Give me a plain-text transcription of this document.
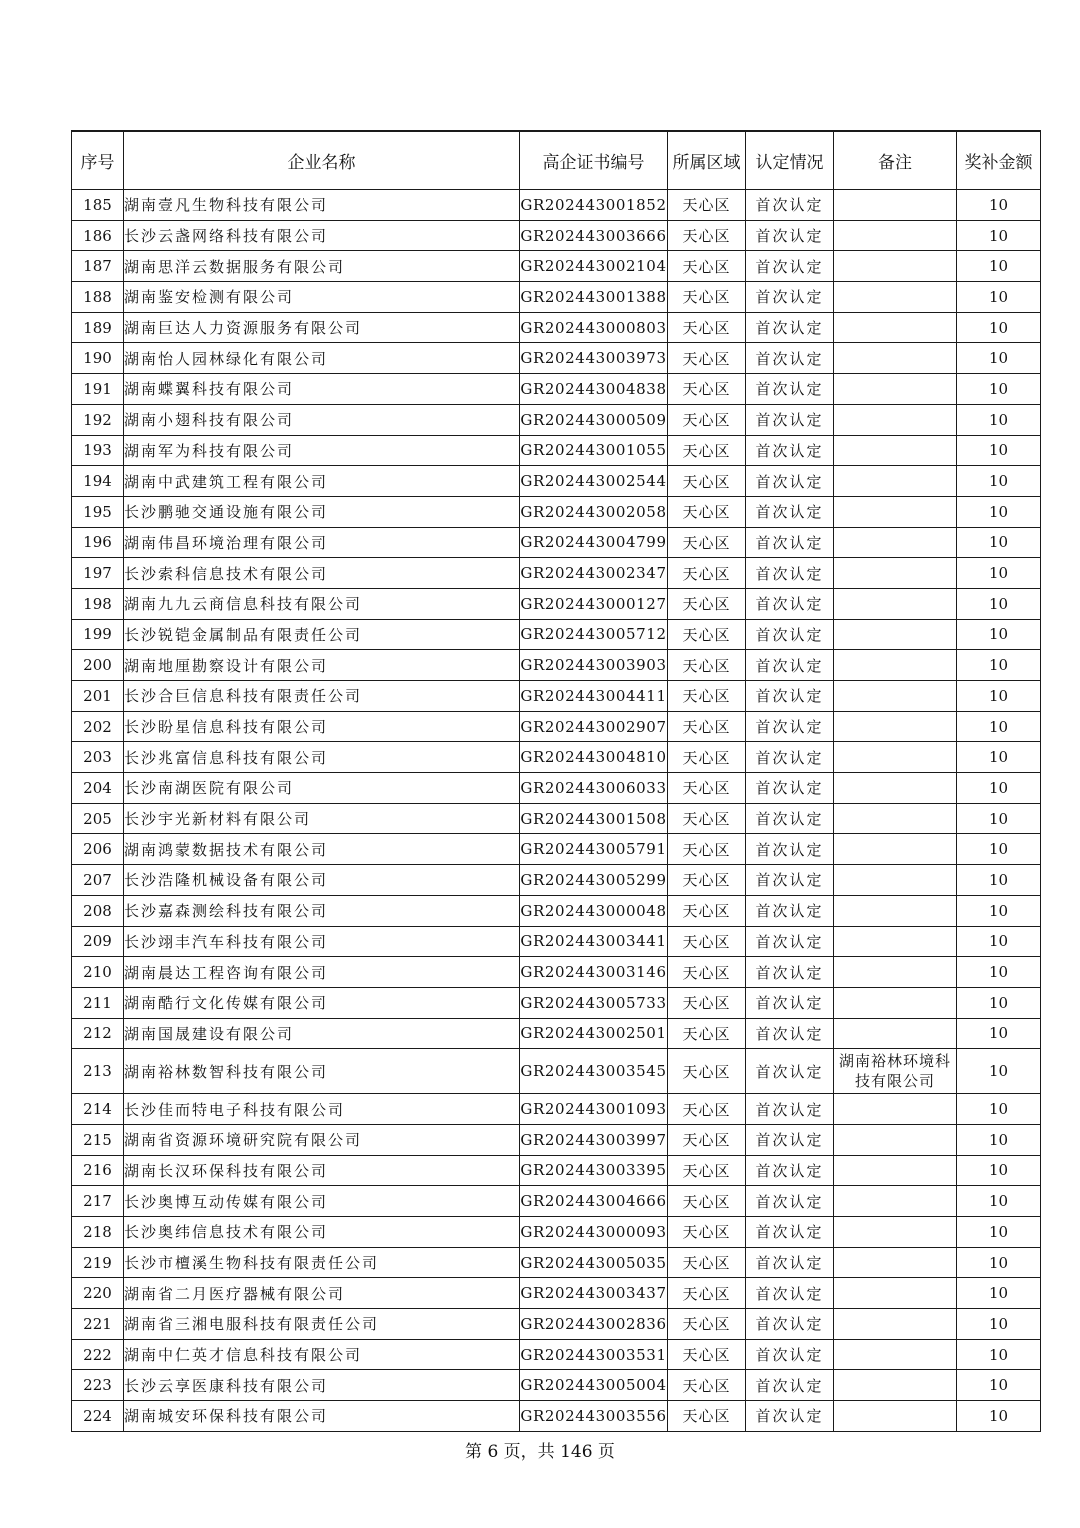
序号	企业名称	高企证书编号	所属区域	认定情况	备注	奖补金额
185	湖南壹凡生物科技有限公司	GR202443001852	天心区	首次认定		10
186	长沙云盏网络科技有限公司	GR202443003666	天心区	首次认定		10
187	湖南思洋云数据服务有限公司	GR202443002104	天心区	首次认定		10
188	湖南鉴安检测有限公司	GR202443001388	天心区	首次认定		10
189	湖南巨达人力资源服务有限公司	GR202443000803	天心区	首次认定		10
190	湖南怡人园林绿化有限公司	GR202443003973	天心区	首次认定		10
191	湖南蝶翼科技有限公司	GR202443004838	天心区	首次认定		10
192	湖南小翅科技有限公司	GR202443000509	天心区	首次认定		10
193	湖南军为科技有限公司	GR202443001055	天心区	首次认定		10
194	湖南中武建筑工程有限公司	GR202443002544	天心区	首次认定		10
195	长沙鹏驰交通设施有限公司	GR202443002058	天心区	首次认定		10
196	湖南伟昌环境治理有限公司	GR202443004799	天心区	首次认定		10
197	长沙索科信息技术有限公司	GR202443002347	天心区	首次认定		10
198	湖南九九云商信息科技有限公司	GR202443000127	天心区	首次认定		10
199	长沙锐铠金属制品有限责任公司	GR202443005712	天心区	首次认定		10
200	湖南地厘勘察设计有限公司	GR202443003903	天心区	首次认定		10
201	长沙合巨信息科技有限责任公司	GR202443004411	天心区	首次认定		10
202	长沙盼星信息科技有限公司	GR202443002907	天心区	首次认定		10
203	长沙兆富信息科技有限公司	GR202443004810	天心区	首次认定		10
204	长沙南湖医院有限公司	GR202443006033	天心区	首次认定		10
205	长沙宇光新材料有限公司	GR202443001508	天心区	首次认定		10
206	湖南鸿蒙数据技术有限公司	GR202443005791	天心区	首次认定		10
207	长沙浩隆机械设备有限公司	GR202443005299	天心区	首次认定		10
208	长沙嘉森测绘科技有限公司	GR202443000048	天心区	首次认定		10
209	长沙翊丰汽车科技有限公司	GR202443003441	天心区	首次认定		10
210	湖南晨达工程咨询有限公司	GR202443003146	天心区	首次认定		10
211	湖南酷行文化传媒有限公司	GR202443005733	天心区	首次认定		10
212	湖南国晟建设有限公司	GR202443002501	天心区	首次认定		10
213	湖南裕林数智科技有限公司	GR202443003545	天心区	首次认定	湖南裕林环境科技有限公司	10
214	长沙佳而特电子科技有限公司	GR202443001093	天心区	首次认定		10
215	湖南省资源环境研究院有限公司	GR202443003997	天心区	首次认定		10
216	湖南长汉环保科技有限公司	GR202443003395	天心区	首次认定		10
217	长沙奥博互动传媒有限公司	GR202443004666	天心区	首次认定		10
218	长沙奥纬信息技术有限公司	GR202443000093	天心区	首次认定		10
219	长沙市檀溪生物科技有限责任公司	GR202443005035	天心区	首次认定		10
220	湖南省二月医疗器械有限公司	GR202443003437	天心区	首次认定		10
221	湖南省三湘电服科技有限责任公司	GR202443002836	天心区	首次认定		10
222	湖南中仁英才信息科技有限公司	GR202443003531	天心区	首次认定		10
223	长沙云享医康科技有限公司	GR202443005004	天心区	首次认定		10
224	湖南城安环保科技有限公司	GR202443003556	天心区	首次认定		10
第 6 页，共 146 页
